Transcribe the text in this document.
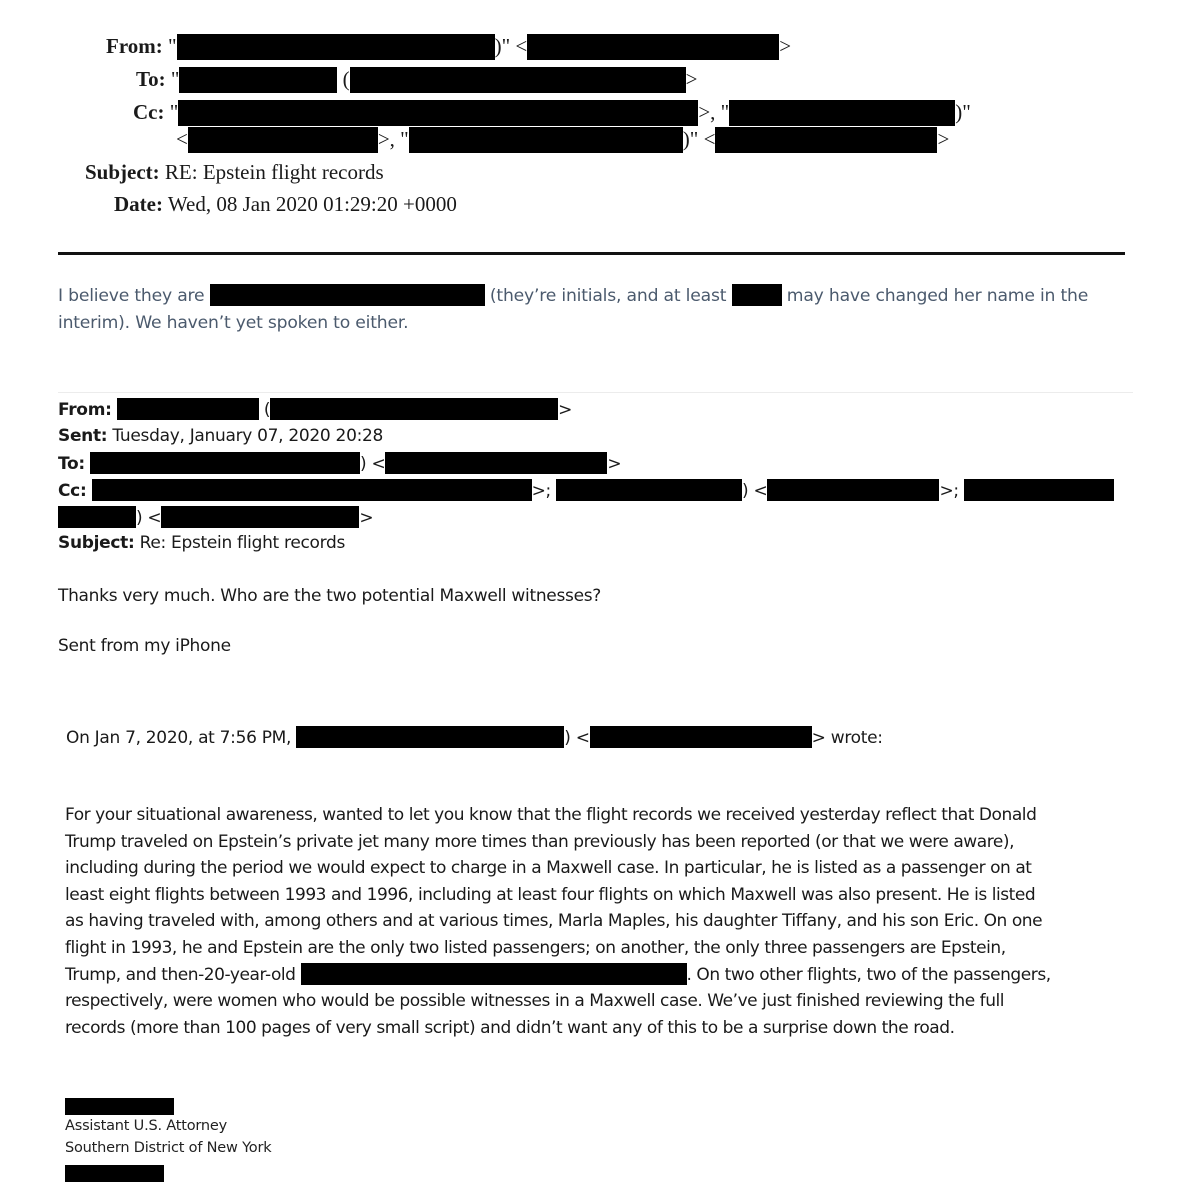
From: "	)" <	>
To: "	(	>
Cc: "	>, "	)"
<	>, "	)" <	>
Subject: RE: Epstein flight records
Date: Wed, 08 Jan 2020 01:29:20 +0000
I believe they are	(they’re initials, and at least	may have changed her name in the
interim). We haven’t yet spoken to either.
From:	(	>
Sent: Tuesday, January 07, 2020 20:28
To:	) <	>
Cc:	>;	) <	>;
) <	>
Subject: Re: Epstein flight records
Thanks very much. Who are the two potential Maxwell witnesses?
Sent from my iPhone
On Jan 7, 2020, at 7:56 PM,	) <	> wrote:
For your situational awareness, wanted to let you know that the flight records we received yesterday reflect that Donald
Trump traveled on Epstein’s private jet many more times than previously has been reported (or that we were aware),
including during the period we would expect to charge in a Maxwell case. In particular, he is listed as a passenger on at
least eight flights between 1993 and 1996, including at least four flights on which Maxwell was also present. He is listed
as having traveled with, among others and at various times, Marla Maples, his daughter Tiffany, and his son Eric. On one
flight in 1993, he and Epstein are the only two listed passengers; on another, the only three passengers are Epstein,
Trump, and then-20-year-old	. On two other flights, two of the passengers,
respectively, were women who would be possible witnesses in a Maxwell case. We’ve just finished reviewing the full
records (more than 100 pages of very small script) and didn’t want any of this to be a surprise down the road.
Assistant U.S. Attorney
Southern District of New York
